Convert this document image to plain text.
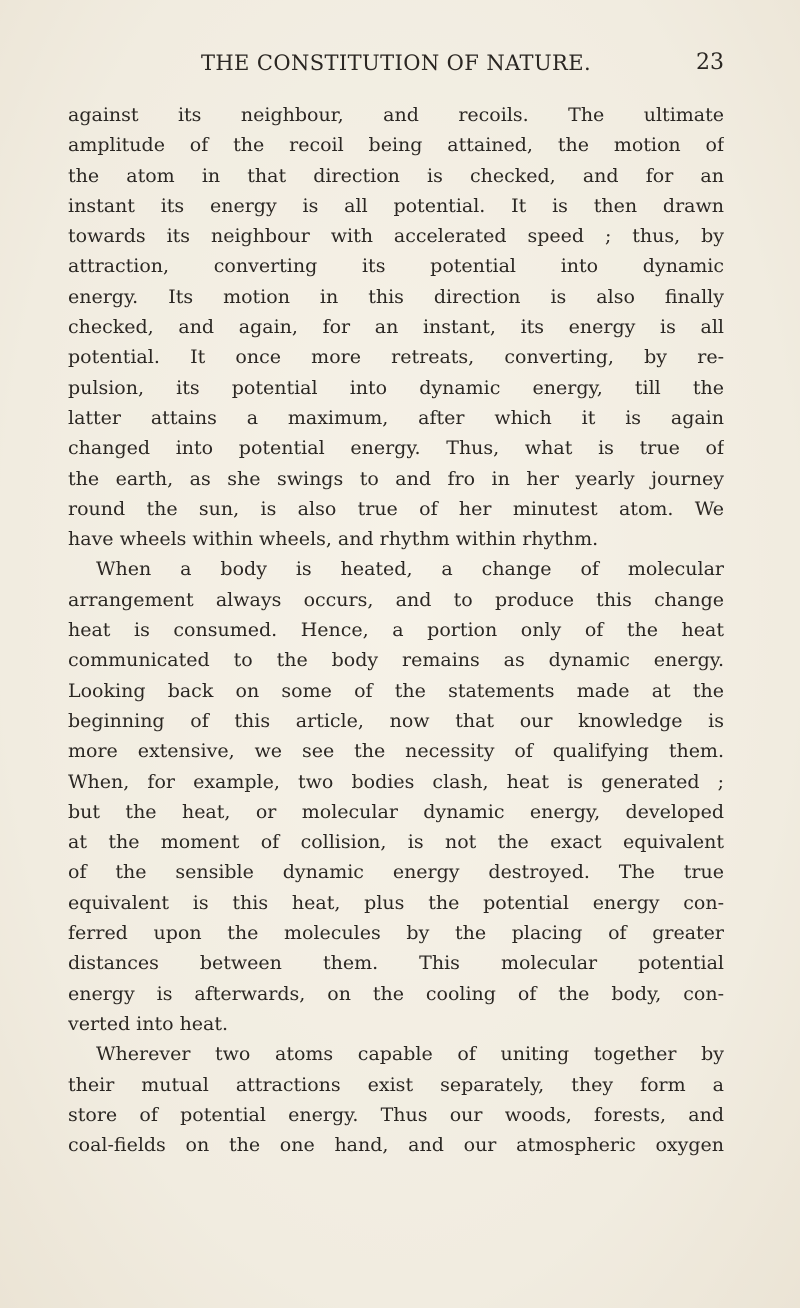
THE CONSTITUTION OF NATURE.	23
against its neighbour, and recoils. The ultimate
amplitude of the recoil being attained, the motion of
the atom in that direction is checked, and for an
instant its energy is all potential. It is then drawn
towards its neighbour with accelerated speed ; thus, by
attraction, converting its potential into dynamic
energy. Its motion in this direction is also finally
checked, and again, for an instant, its energy is all
potential. It once more retreats, converting, by re-
pulsion, its potential into dynamic energy, till the
latter attains a maximum, after which it is again
changed into potential energy. Thus, what is true of
the earth, as she swings to and fro in her yearly journey
round the sun, is also true of her minutest atom. We
have wheels within wheels, and rhythm within rhythm.
When a body is heated, a change of molecular
arrangement always occurs, and to produce this change
heat is consumed. Hence, a portion only of the heat
communicated to the body remains as dynamic energy.
Looking back on some of the statements made at the
beginning of this article, now that our knowledge is
more extensive, we see the necessity of qualifying them.
When, for example, two bodies clash, heat is generated ;
but the heat, or molecular dynamic energy, developed
at the moment of collision, is not the exact equivalent
of the sensible dynamic energy destroyed. The true
equivalent is this heat, plus the potential energy con-
ferred upon the molecules by the placing of greater
distances between them. This molecular potential
energy is afterwards, on the cooling of the body, con-
verted into heat.
Wherever two atoms capable of uniting together by
their mutual attractions exist separately, they form a
store of potential energy. Thus our woods, forests, and
coal-fields on the one hand, and our atmospheric oxygen
